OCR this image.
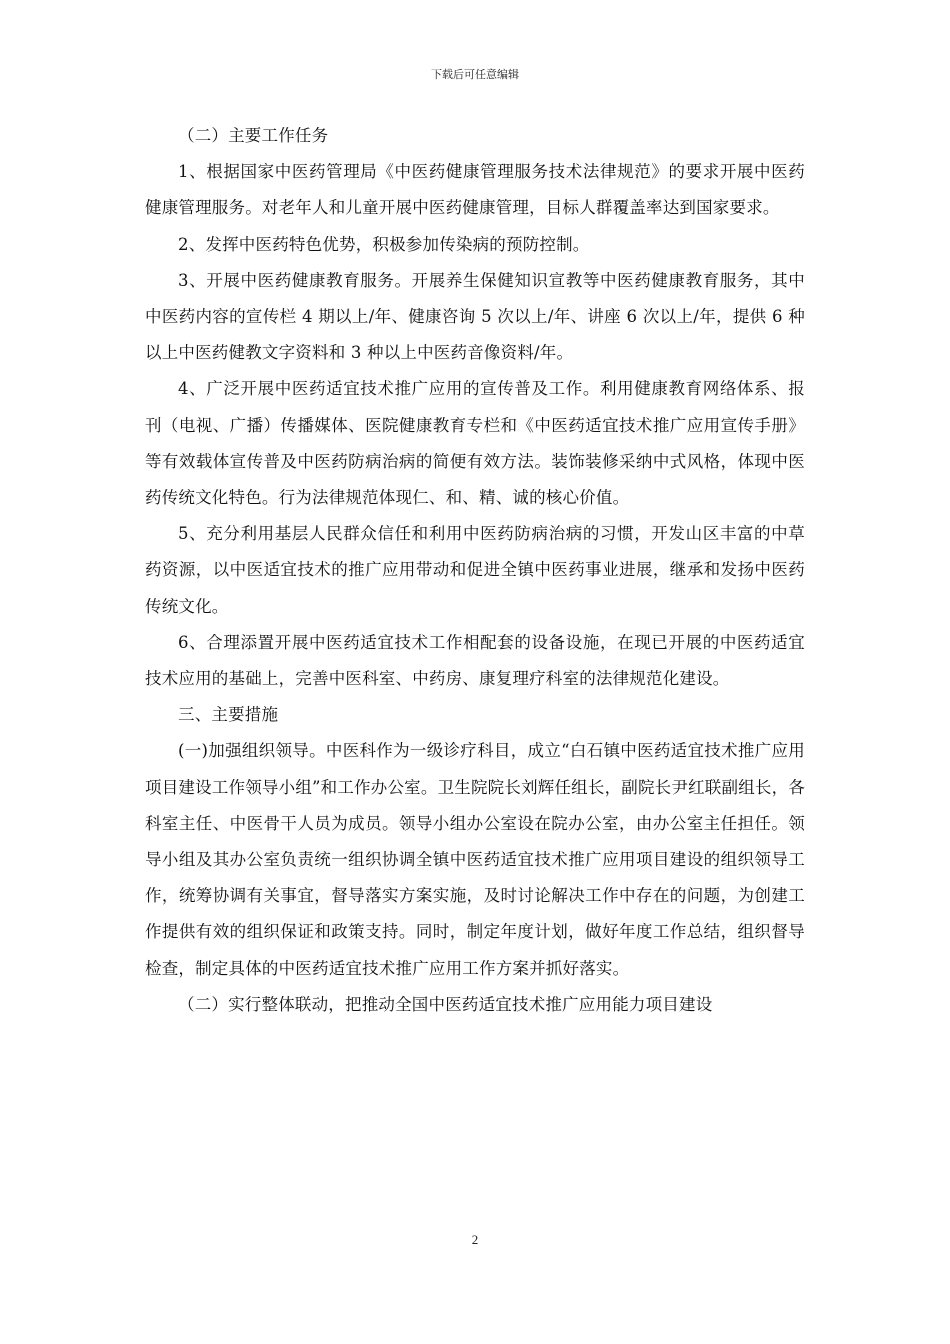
下载后可任意编辑

（二）主要工作任务

1、根据国家中医药管理局《中医药健康管理服务技术法律规范》的要求开展中医药健康管理服务。对老年人和儿童开展中医药健康管理，目标人群覆盖率达到国家要求。

2、发挥中医药特色优势，积极参加传染病的预防控制。

3、开展中医药健康教育服务。开展养生保健知识宣教等中医药健康教育服务，其中中医药内容的宣传栏 4 期以上/年、健康咨询 5 次以上/年、讲座 6 次以上/年，提供 6 种以上中医药健教文字资料和 3 种以上中医药音像资料/年。

4、广泛开展中医药适宜技术推广应用的宣传普及工作。利用健康教育网络体系、报刊（电视、广播）传播媒体、医院健康教育专栏和《中医药适宜技术推广应用宣传手册》等有效载体宣传普及中医药防病治病的简便有效方法。装饰装修采纳中式风格，体现中医药传统文化特色。行为法律规范体现仁、和、精、诚的核心价值。

5、充分利用基层人民群众信任和利用中医药防病治病的习惯，开发山区丰富的中草药资源，以中医适宜技术的推广应用带动和促进全镇中医药事业进展，继承和发扬中医药传统文化。

6、合理添置开展中医药适宜技术工作相配套的设备设施，在现已开展的中医药适宜技术应用的基础上，完善中医科室、中药房、康复理疗科室的法律规范化建设。

三、主要措施

(一)加强组织领导。中医科作为一级诊疗科目，成立“白石镇中医药适宜技术推广应用项目建设工作领导小组”和工作办公室。卫生院院长刘辉任组长，副院长尹红联副组长，各科室主任、中医骨干人员为成员。领导小组办公室设在院办公室，由办公室主任担任。领导小组及其办公室负责统一组织协调全镇中医药适宜技术推广应用项目建设的组织领导工作，统筹协调有关事宜，督导落实方案实施，及时讨论解决工作中存在的问题，为创建工作提供有效的组织保证和政策支持。同时，制定年度计划，做好年度工作总结，组织督导检查，制定具体的中医药适宜技术推广应用工作方案并抓好落实。

（二）实行整体联动，把推动全国中医药适宜技术推广应用能力项目建设

2
